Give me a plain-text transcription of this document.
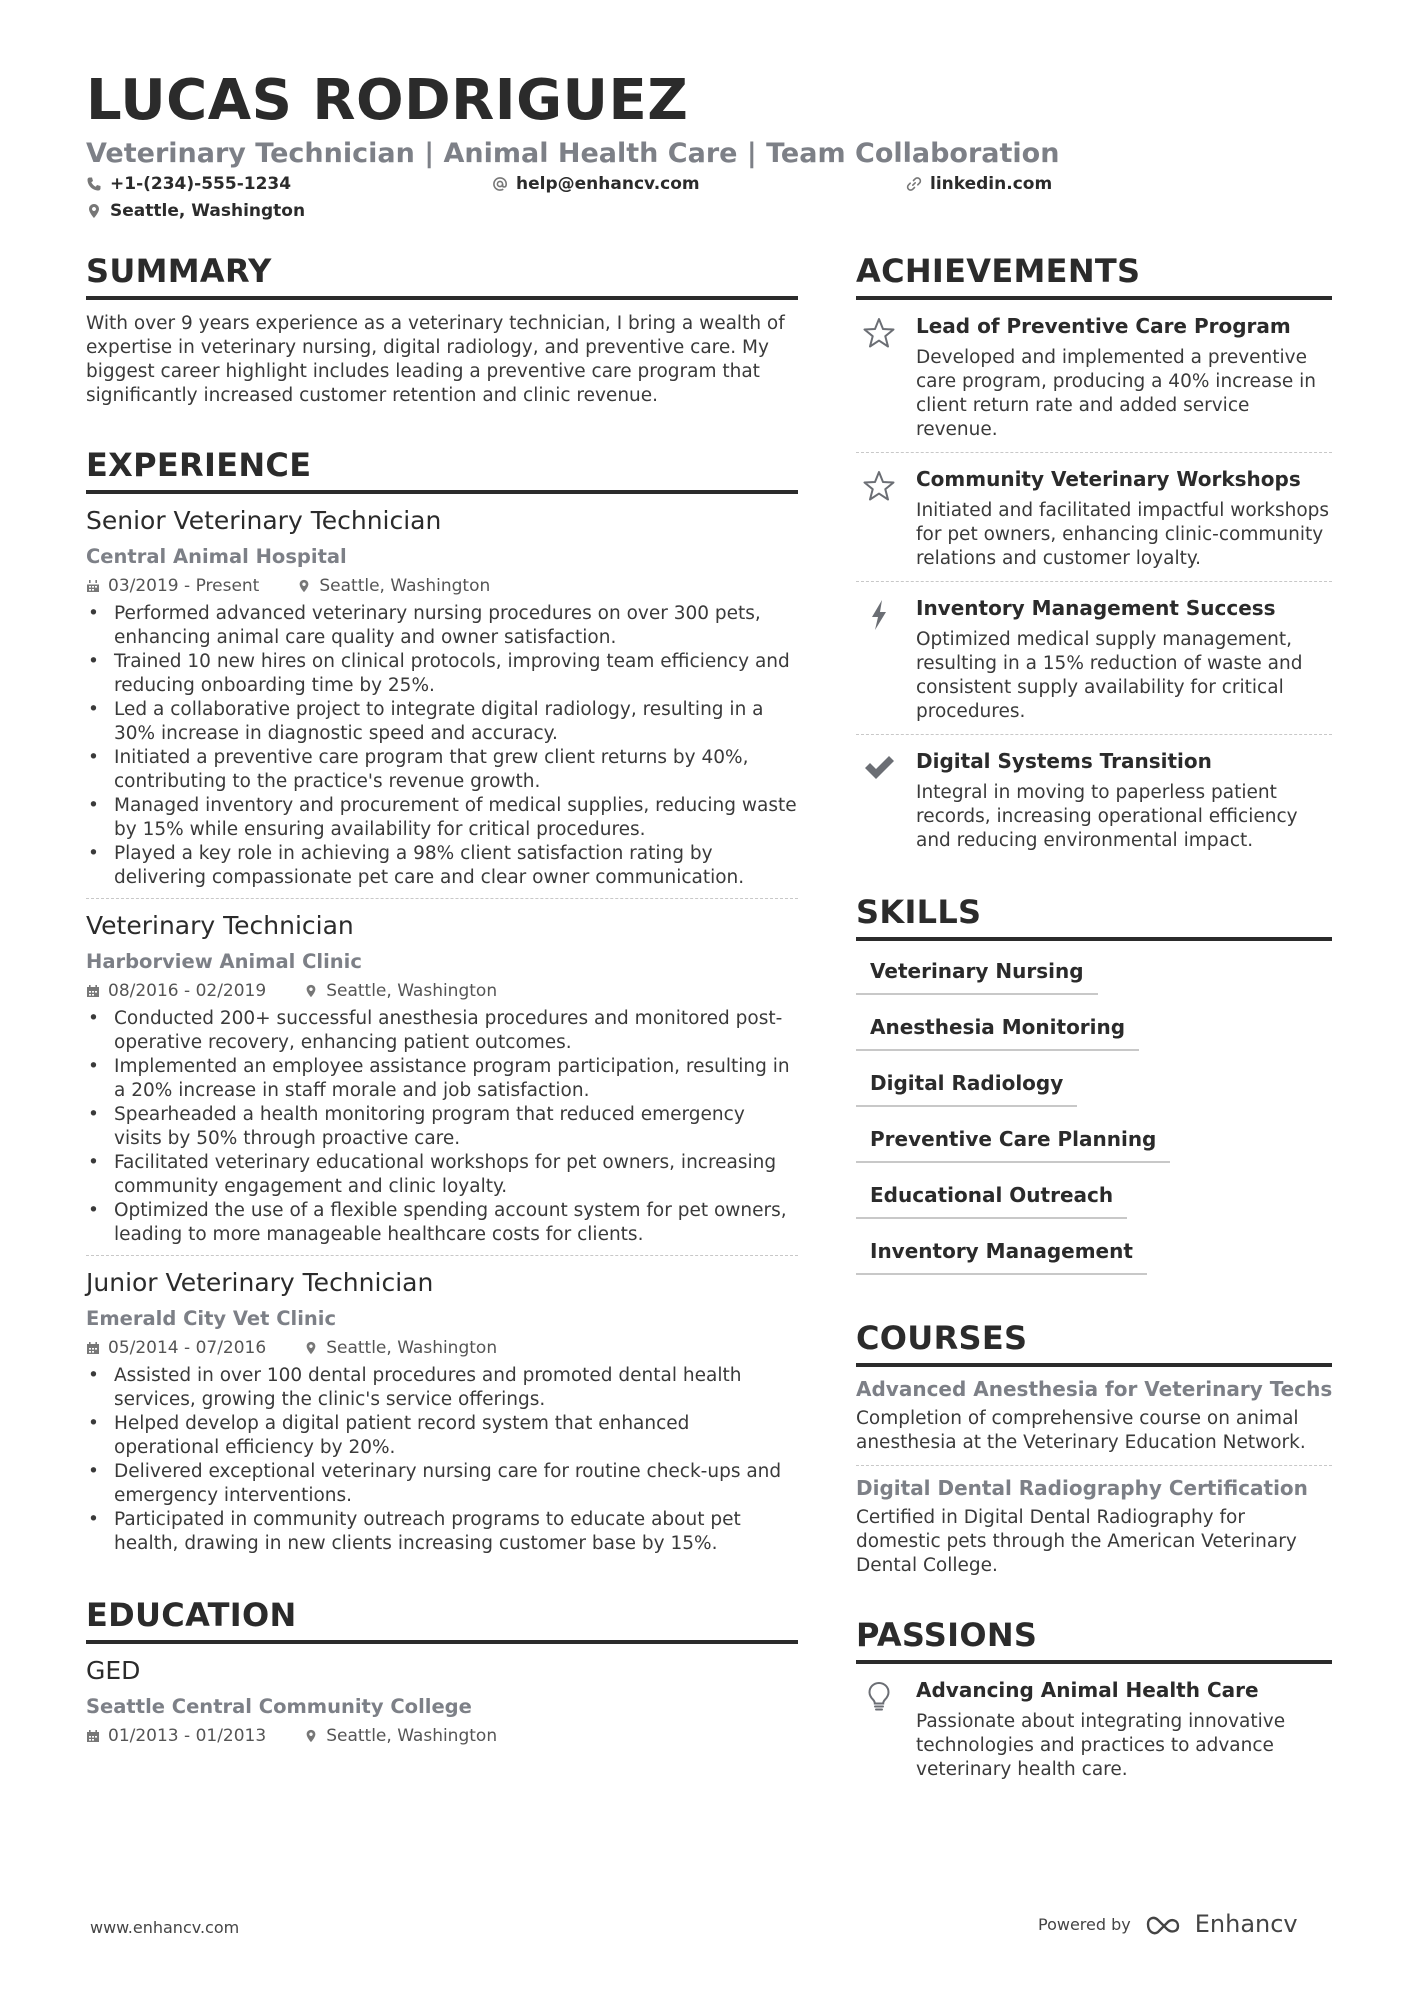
LUCAS RODRIGUEZ
Veterinary Technician | Animal Health Care | Team Collaboration
+1-(234)-555-1234	help@enhancv.com	linkedin.com
Seattle, Washington
SUMMARY
With over 9 years experience as a veterinary technician, I bring a wealth of expertise in veterinary nursing, digital radiology, and preventive care. My biggest career highlight includes leading a preventive care program that significantly increased customer retention and clinic revenue.
EXPERIENCE
Senior Veterinary Technician
Central Animal Hospital
03/2019 - Present	Seattle, Washington
• Performed advanced veterinary nursing procedures on over 300 pets, enhancing animal care quality and owner satisfaction.
• Trained 10 new hires on clinical protocols, improving team efficiency and reducing onboarding time by 25%.
• Led a collaborative project to integrate digital radiology, resulting in a 30% increase in diagnostic speed and accuracy.
• Initiated a preventive care program that grew client returns by 40%, contributing to the practice's revenue growth.
• Managed inventory and procurement of medical supplies, reducing waste by 15% while ensuring availability for critical procedures.
• Played a key role in achieving a 98% client satisfaction rating by delivering compassionate pet care and clear owner communication.
Veterinary Technician
Harborview Animal Clinic
08/2016 - 02/2019	Seattle, Washington
• Conducted 200+ successful anesthesia procedures and monitored post-operative recovery, enhancing patient outcomes.
• Implemented an employee assistance program participation, resulting in a 20% increase in staff morale and job satisfaction.
• Spearheaded a health monitoring program that reduced emergency visits by 50% through proactive care.
• Facilitated veterinary educational workshops for pet owners, increasing community engagement and clinic loyalty.
• Optimized the use of a flexible spending account system for pet owners, leading to more manageable healthcare costs for clients.
Junior Veterinary Technician
Emerald City Vet Clinic
05/2014 - 07/2016	Seattle, Washington
• Assisted in over 100 dental procedures and promoted dental health services, growing the clinic's service offerings.
• Helped develop a digital patient record system that enhanced operational efficiency by 20%.
• Delivered exceptional veterinary nursing care for routine check-ups and emergency interventions.
• Participated in community outreach programs to educate about pet health, drawing in new clients increasing customer base by 15%.
EDUCATION
GED
Seattle Central Community College
01/2013 - 01/2013	Seattle, Washington
ACHIEVEMENTS
Lead of Preventive Care Program
Developed and implemented a preventive care program, producing a 40% increase in client return rate and added service revenue.
Community Veterinary Workshops
Initiated and facilitated impactful workshops for pet owners, enhancing clinic-community relations and customer loyalty.
Inventory Management Success
Optimized medical supply management, resulting in a 15% reduction of waste and consistent supply availability for critical procedures.
Digital Systems Transition
Integral in moving to paperless patient records, increasing operational efficiency and reducing environmental impact.
SKILLS
Veterinary Nursing
Anesthesia Monitoring
Digital Radiology
Preventive Care Planning
Educational Outreach
Inventory Management
COURSES
Advanced Anesthesia for Veterinary Techs
Completion of comprehensive course on animal anesthesia at the Veterinary Education Network.
Digital Dental Radiography Certification
Certified in Digital Dental Radiography for domestic pets through the American Veterinary Dental College.
PASSIONS
Advancing Animal Health Care
Passionate about integrating innovative technologies and practices to advance veterinary health care.
www.enhancv.com	Powered by	Enhancv
